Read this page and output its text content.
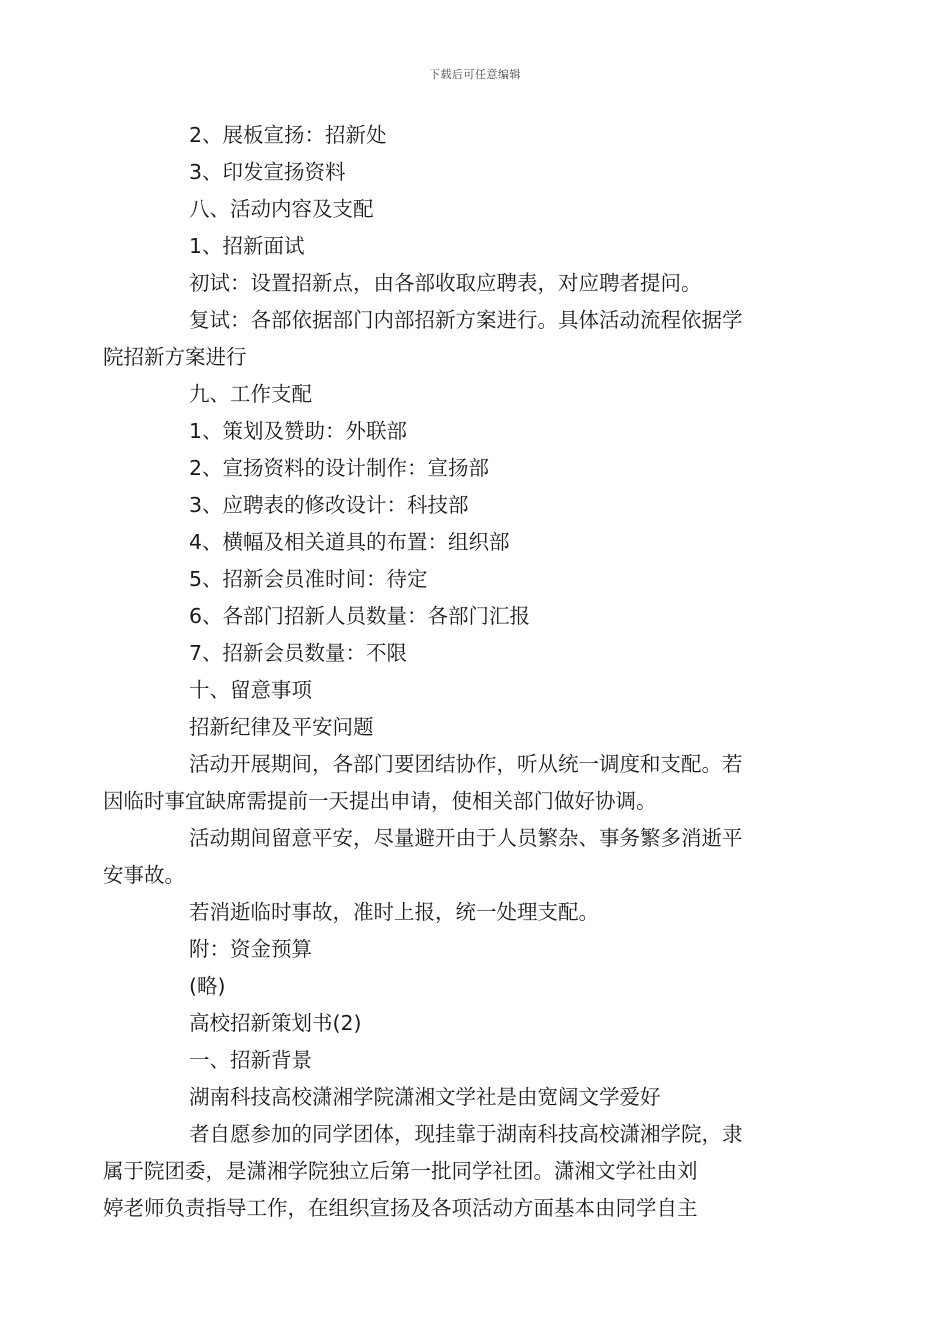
下载后可任意编辑

2、展板宣扬：招新处

3、印发宣扬资料

八、活动内容及支配

1、招新面试

初试：设置招新点，由各部收取应聘表，对应聘者提问。

复试：各部依据部门内部招新方案进行。具体活动流程依据学
院招新方案进行

九、工作支配

1、策划及赞助：外联部

2、宣扬资料的设计制作：宣扬部

3、应聘表的修改设计：科技部

4、横幅及相关道具的布置：组织部

5、招新会员准时间：待定

6、各部门招新人员数量：各部门汇报

7、招新会员数量：不限

十、留意事项

招新纪律及平安问题

活动开展期间，各部门要团结协作，听从统一调度和支配。若
因临时事宜缺席需提前一天提出申请，使相关部门做好协调。

活动期间留意平安，尽量避开由于人员繁杂、事务繁多消逝平
安事故。

若消逝临时事故，准时上报，统一处理支配。

附：资金预算

(略)

高校招新策划书(2)

一、招新背景

湖南科技高校潇湘学院潇湘文学社是由宽阔文学爱好

者自愿参加的同学团体，现挂靠于湖南科技高校潇湘学院，隶
属于院团委，是潇湘学院独立后第一批同学社团。潇湘文学社由刘
婷老师负责指导工作，在组织宣扬及各项活动方面基本由同学自主
